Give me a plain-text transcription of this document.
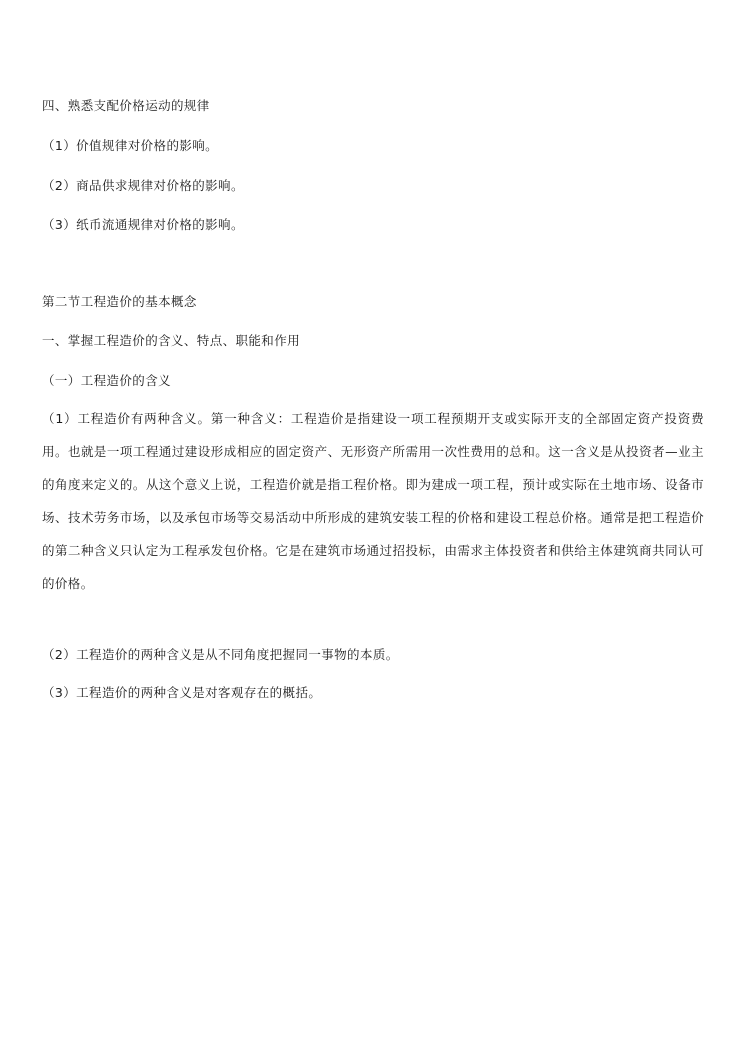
四、熟悉支配价格运动的规律
（1）价值规律对价格的影响。
（2）商品供求规律对价格的影响。
（3）纸币流通规律对价格的影响。
第二节工程造价的基本概念
一、掌握工程造价的含义、特点、职能和作用
（一）工程造价的含义
（1）工程造价有两种含义。第一种含义：工程造价是指建设一项工程预期开支或实际开支的全部固定资产投资费用。也就是一项工程通过建设形成相应的固定资产、无形资产所需用一次性费用的总和。这一含义是从投资者—业主的角度来定义的。从这个意义上说，工程造价就是指工程价格。即为建成一项工程，预计或实际在土地市场、设备市场、技术劳务市场，以及承包市场等交易活动中所形成的建筑安装工程的价格和建设工程总价格。通常是把工程造价的第二种含义只认定为工程承发包价格。它是在建筑市场通过招投标，由需求主体投资者和供给主体建筑商共同认可的价格。
（2）工程造价的两种含义是从不同角度把握同一事物的本质。
（3）工程造价的两种含义是对客观存在的概括。
